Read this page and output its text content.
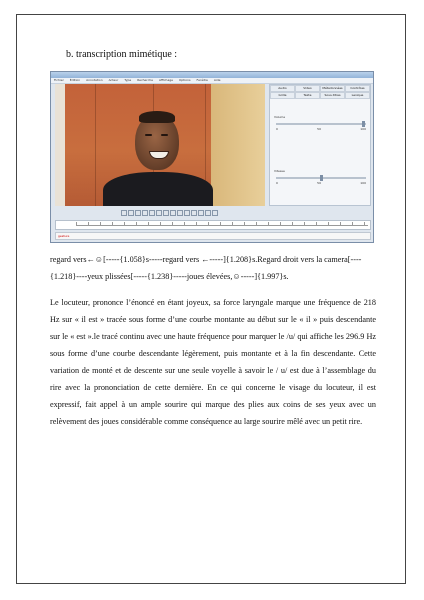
b. transcription mimétique :
Fichier Édition Annotation Acteur Type Recherche Affichage Options Fenêtre Aide
Audio	Video	Métadonnées	Contrôles
Grille	Texte	Sous-titres	Lexique
Volume
0	50	100
Vitesse
0	50	100
gesture

regard vers←☺[-----{1.058}s-----regard vers ←-----]{1.208}s.Regard droit vers la camera[----{1.218}----yeux plissées[-----{1.238}-----joues élevées,☺-----]{1.997}s.

Le locuteur, prononce l’énoncé en étant joyeux, sa force laryngale marque une fréquence de 218 Hz sur « il est » tracée sous forme d’une courbe montante au début sur le « il » puis descendante sur le « est ».le tracé continu avec une haute fréquence pour marquer le /u/ qui affiche les 296.9 Hz sous forme d’une courbe descendante légèrement, puis montante et à la fin descendante. Cette variation de monté et de descente sur une seule voyelle à savoir le / u/ est due à l’assemblage du rire avec la prononciation de cette dernière. En ce qui concerne le visage du locuteur, il est expressif, fait appel à un ample sourire qui marque des plies aux coins de ses yeux avec un relèvement des joues considérable comme conséquence au large sourire mêlé avec un petit rire.
